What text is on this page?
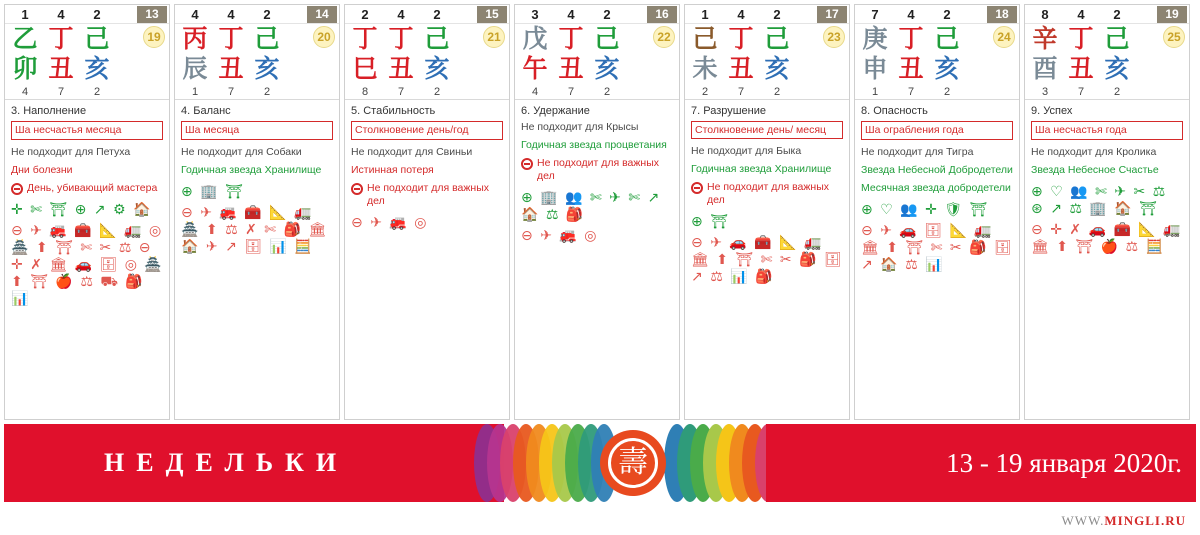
1	4	2	13
乙 丁 己	19
卯 丑 亥
4	7	2
3. Наполнение
Ша несчастья месяца
Не подходит для Петуха
Дни болезни
День, убивающий мастера
✛ ✄ ⛩ ⊕ ↗ ⚙ 🏠
⊖ ✈ 🚒 🧰 📐 🚛 ◎ 🏯 ⬆ ⛩ ✄ ✂ ⚖ ⊖ ✛ ✗ 🏛 🚗 🗄 ◎ 🏯 ⬆ ⛩ 🍎 ⚖ ⛟ 🎒 📊
4	4	2	14
丙 丁 己	20
辰 丑 亥
1	7	2
4. Баланс
Ша месяца
Не подходит для Собаки
Годичная звезда Хранилище
⊕ 🏢 ⛩
⊖ ✈ 🚒 🧰 📐 🚛 🏯 ⬆ ⚖ ✗ ✄ 🎒 🏛 🏠 ✈ ↗ 🗄 📊 🧮
2	4	2	15
丁 丁 己	21
巳 丑 亥
8	7	2
5. Стабильность
Столкновение день/год
Не подходит для Свиньи
Истинная потеря
Не подходит для важных дел
⊖ ✈ 🚒 ◎
3	4	2	16
戊 丁 己	22
午 丑 亥
4	7	2
6. Удержание
Не подходит для Крысы
Годичная звезда процветания
Не подходит для важных дел
⊕ 🏢 👥 ✄ ✈ ✄ ↗ 🏠 ⚖ 🎒
⊖ ✈ 🚒 ◎
1	4	2	17
己 丁 己	23
未 丑 亥
2	7	2
7. Разрушение
Столкновение день/ месяц
Не подходит для Быка
Годичная звезда Хранилище
Не подходит для важных дел
⊕ ⛩
⊖ ✈ 🚗 🧰 📐 🚛 🏛 ⬆ ⛩ ✄ ✂ 🎒 🗄 ↗ ⚖ 📊 🎒
7	4	2	18
庚 丁 己	24
申 丑 亥
1	7	2
8. Опасность
Ша ограбления года
Не подходит для Тигра
Звезда Небесной Добродетели
Месячная звезда добродетели
⊕ ♡ 👥 ✛ 🛡 ⛩
⊖ ✈ 🚗 🗄 📐 🚛 🏛 ⬆ ⛩ ✄ ✂ 🎒 🗄 ↗ 🏠 ⚖ 📊
8	4	2	19
辛 丁 己	25
酉 丑 亥
3	7	2
9. Успех
Ша несчастья года
Не подходит для Кролика
Звезда Небесное Счастье
⊕ ♡ 👥 ✄ ✈ ✂ ⚖ ⊛ ↗ ⚖ 🏢 🏠 ⛩
⊖ ✛ ✗ 🚗 🧰 📐 🚛 🏛 ⬆ ⛩ 🍎 ⚖ 🧮
НЕДЕЛЬКИ	壽	13 - 19 января 2020г.
WWW.MINGLI.RU
